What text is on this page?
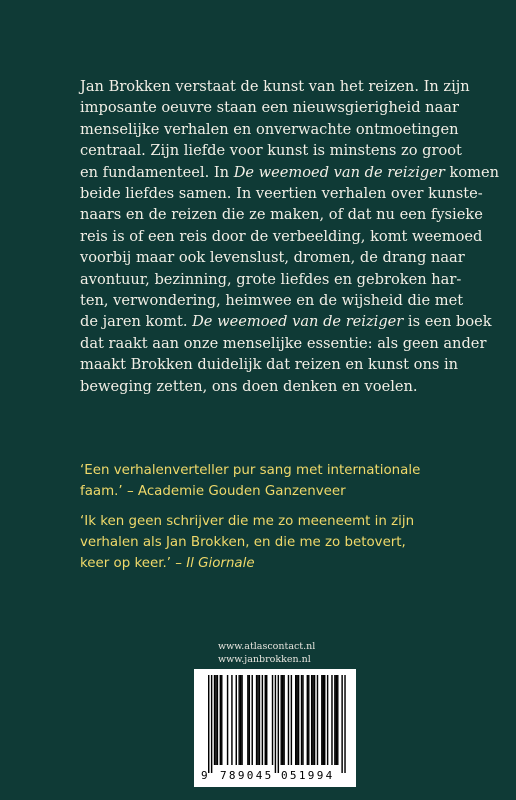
Jan Brokken verstaat de kunst van het reizen. In zijn
imposante oeuvre staan een nieuwsgierigheid naar
menselijke verhalen en onverwachte ontmoetingen
centraal. Zijn liefde voor kunst is minstens zo groot
en fundamenteel. In De weemoed van de reiziger komen
beide liefdes samen. In veertien verhalen over kunste-
naars en de reizen die ze maken, of dat nu een fysieke
reis is of een reis door de verbeelding, komt weemoed
voorbij maar ook levenslust, dromen, de drang naar
avontuur, bezinning, grote liefdes en gebroken har-
ten, verwondering, heimwee en de wijsheid die met
de jaren komt. De weemoed van de reiziger is een boek
dat raakt aan onze menselijke essentie: als geen ander
maakt Brokken duidelijk dat reizen en kunst ons in
beweging zetten, ons doen denken en voelen.
‘Een verhalenverteller pur sang met internationale
faam.’ – Academie Gouden Ganzenveer
‘Ik ken geen schrijver die me zo meeneemt in zijn
verhalen als Jan Brokken, en die me zo betovert,
keer op keer.’ – Il Giornale
www.atlascontact.nl
www.janbrokken.nl
9 789045 051994
